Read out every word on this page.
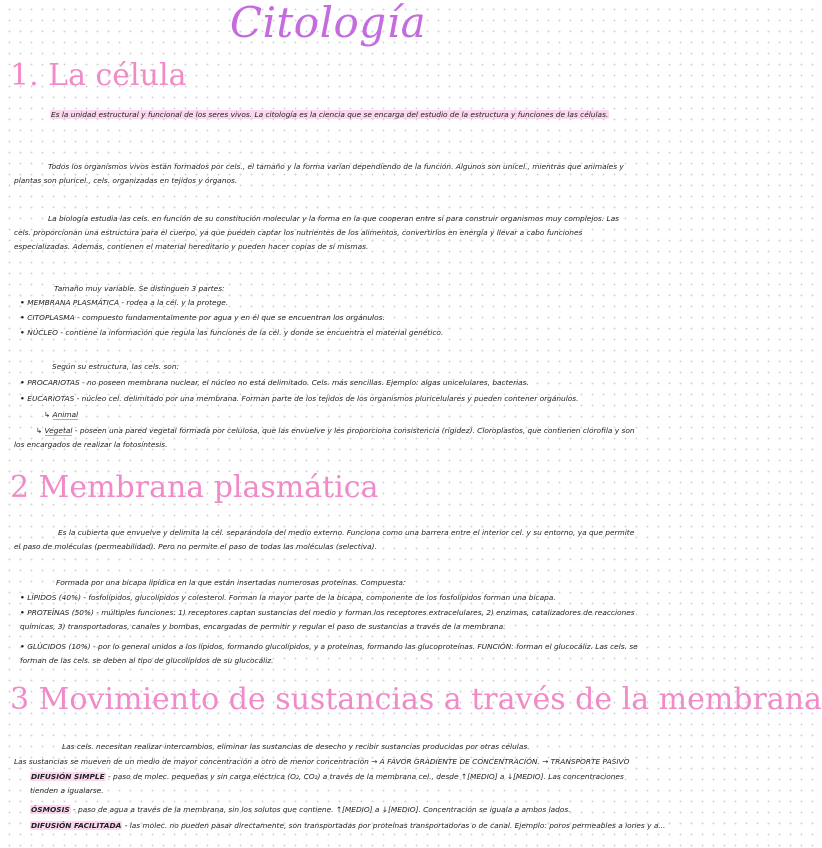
Citología
1. La célula
Es la unidad estructural y funcional de los seres vivos. La citología es la ciencia que se encarga del estudio de la estructura y funciones de las células.
Todos los organismos vivos están formados por cels., el tamaño y la forma varían dependiendo de la función. Algunos son unicel., mientras que animales y plantas son pluricel., cels. organizadas en tejidos y órganos.
La biología estudia las cels. en función de su constitución molecular y la forma en la que cooperan entre sí para construir organismos muy complejos. Las cels. proporcionan una estructura para el cuerpo, ya que pueden captar los nutrientes de los alimentos, convertirlos en energía y llevar a cabo funciones especializadas. Además, contienen el material hereditario y pueden hacer copias de sí mismas.
Tamaño muy variable. Se distinguen 3 partes:
• MEMBRANA PLASMÁTICA - rodea a la cél. y la protege.
• CITOPLASMA - compuesto fundamentalmente por agua y en él que se encuentran los orgánulos.
• NÚCLEO - contiene la información que regula las funciones de la cél. y donde se encuentra el material genético.
Según su estructura, las cels. son:
• PROCARIOTAS - no poseen membrana nuclear, el núcleo no está delimitado. Cels. más sencillas. Ejemplo: algas unicelulares, bacterias.
• EUCARIOTAS - núcleo cel. delimitado por una membrana. Forman parte de los tejidos de los organismos pluricelulares y pueden contener orgánulos.
↳ Animal
↳ Vegetal - poseen una pared vegetal formada por celulosa, que las envuelve y les proporciona consistencia (rigidez). Cloroplastos, que contienen clorofila y son los encargados de realizar la fotosíntesis.
2 Membrana plasmática
Es la cubierta que envuelve y delimita la cél. separándola del medio externo. Funciona como una barrera entre el interior cel. y su entorno, ya que permite el paso de moléculas (permeabilidad). Pero no permite el paso de todas las moléculas (selectiva).
Formada por una bicapa lipídica en la que están insertadas numerosas proteínas. Compuesta:
• LÍPIDOS (40%) - fosfolípidos, glucolípidos y colesterol. Forman la mayor parte de la bicapa, componente de los fosfolípidos forman una bicapa.
• PROTEÍNAS (50%) - múltiples funciones: 1) receptores captan sustancias del medio y forman los receptores extracelulares, 2) enzimas, catalizadores de reacciones químicas, 3) transportadoras, canales y bombas, encargadas de permitir y regular el paso de sustancias a través de la membrana.
• GLÚCIDOS (10%) - por lo general unidos a los lípidos, formando glucolípidos, y a proteínas, formando las glucoproteínas. FUNCIÓN: forman el glucocáliz. Las cels. se forman de las cels. se deben al tipo de glucolípidos de su glucocáliz.
3 Movimiento de sustancias a través de la membrana
Las cels. necesitan realizar intercambios, eliminar las sustancias de desecho y recibir sustancias producidas por otras células.
Las sustancias se mueven de un medio de mayor concentración a otro de menor concentración → A FAVOR GRADIENTE DE CONCENTRACIÓN. → TRANSPORTE PASIVO
DIFUSIÓN SIMPLE - paso de molec. pequeñas y sin carga eléctrica (O₂, CO₂) a través de la membrana cel., desde ↑[MEDIO] a ↓[MEDIO]. Las concentraciones tienden a igualarse.
ÓSMOSIS - paso de agua a través de la membrana, sin los solutos que contiene. ↑[MEDIO] a ↓[MEDIO]. Concentración se iguala a ambos lados.
DIFUSIÓN FACILITADA - las molec. no pueden pasar directamente, son transportadas por proteínas transportadoras o de canal. Ejemplo: poros permeables a iones y a...
